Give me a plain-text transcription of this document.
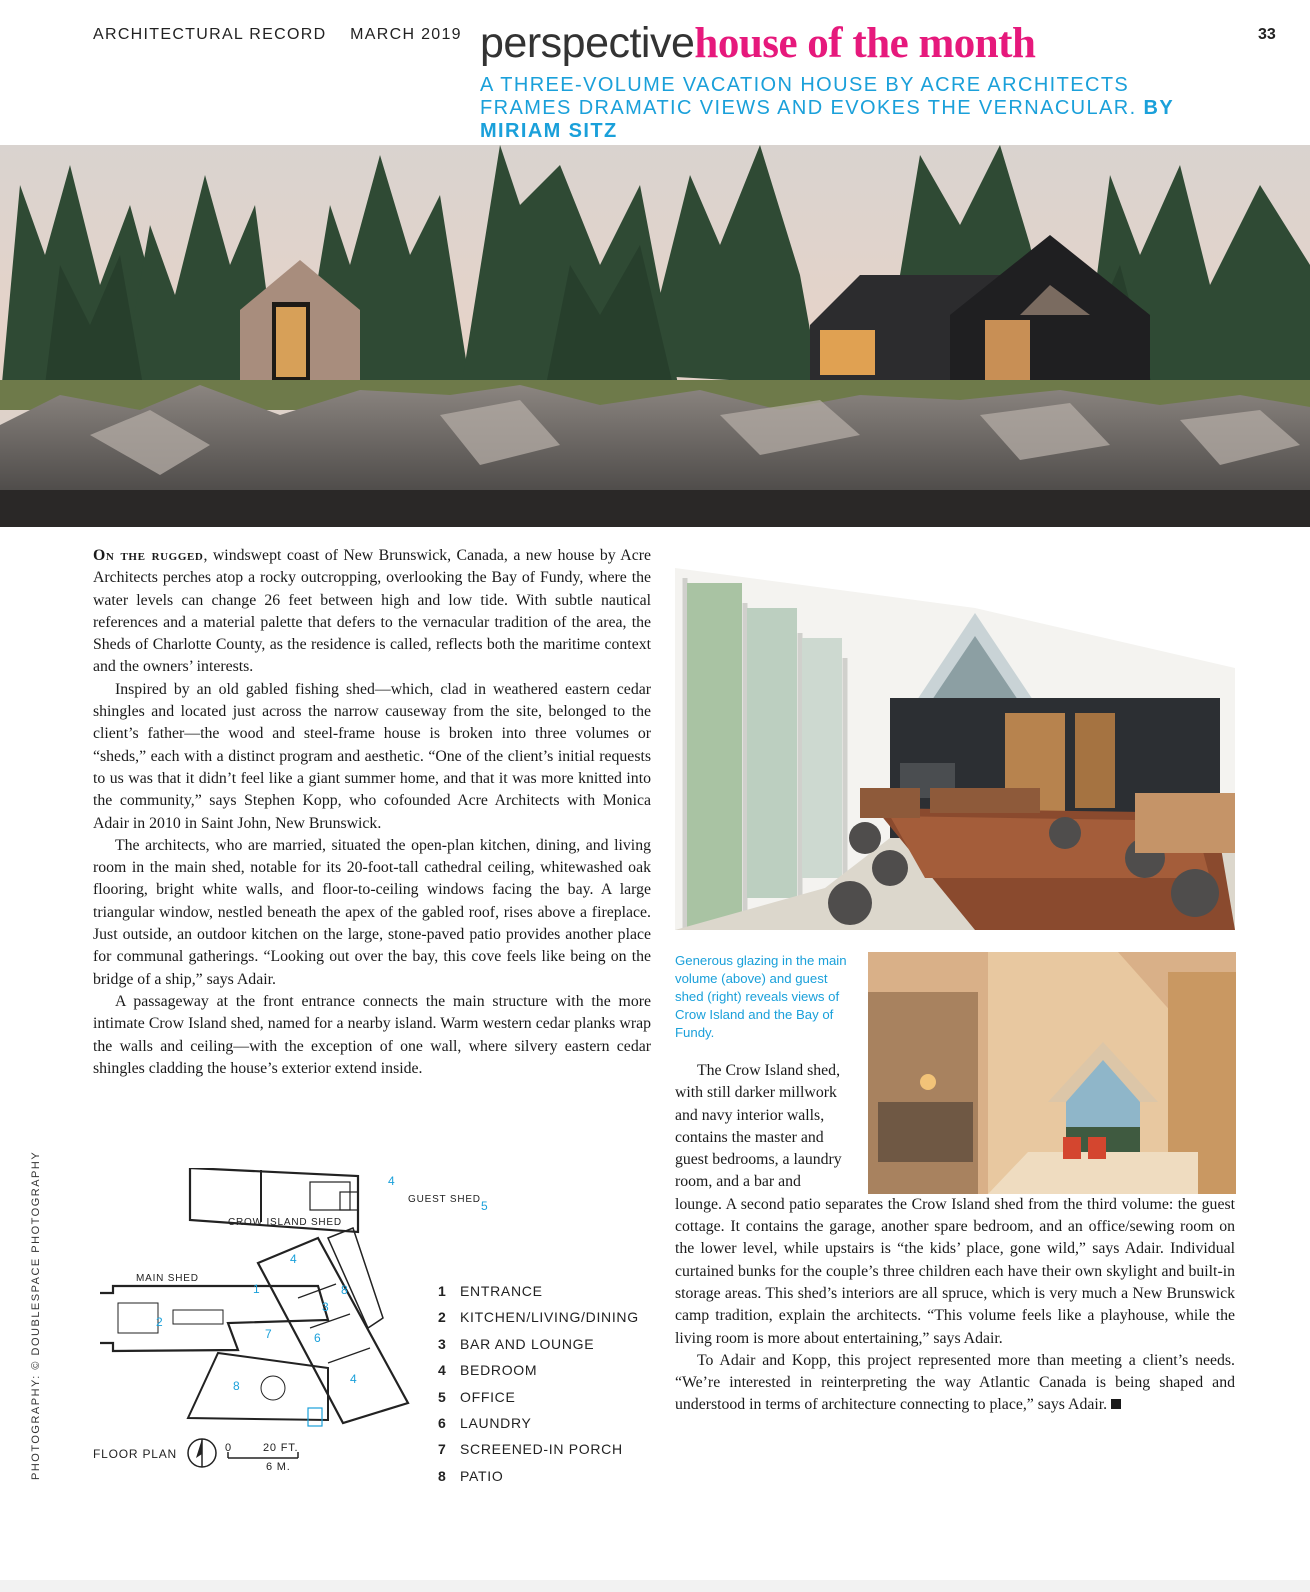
ARCHITECTURAL RECORD MARCH 2019	33
perspectivehouse of the month
A THREE-VOLUME VACATION HOUSE BY ACRE ARCHITECTS FRAMES DRAMATIC VIEWS AND EVOKES THE VERNACULAR. BY MIRIAM SITZ

On the rugged, windswept coast of New Brunswick, Canada, a new house by Acre Architects perches atop a rocky outcropping, overlooking the Bay of Fundy, where the water levels can change 26 feet between high and low tide. With subtle nautical references and a material palette that defers to the vernacular tradition of the area, the Sheds of Charlotte County, as the residence is called, reflects both the maritime context and the owners’ interests.

Inspired by an old gabled fishing shed—which, clad in weathered eastern cedar shingles and located just across the narrow causeway from the site, belonged to the client’s father—the wood and steel-frame house is broken into three volumes or “sheds,” each with a distinct program and aesthetic. “One of the client’s initial requests to us was that it didn’t feel like a giant summer home, and that it was more knitted into the community,” says Stephen Kopp, who cofounded Acre Architects with Monica Adair in 2010 in Saint John, New Brunswick.

The architects, who are married, situated the open-plan kitchen, dining, and living room in the main shed, notable for its 20-foot-tall cathedral ceiling, whitewashed oak flooring, bright white walls, and floor-to-ceiling windows facing the bay. A large triangular window, nestled beneath the apex of the gabled roof, rises above a fireplace. Just outside, an outdoor kitchen on the large, stone-paved patio provides another place for communal gatherings. “Looking out over the bay, this cove feels like being on the bridge of a ship,” says Adair.

A passageway at the front entrance connects the main structure with the more intimate Crow Island shed, named for a nearby island. Warm western cedar planks wrap the walls and ceiling—with the exception of one wall, where silvery eastern cedar shingles cladding the house’s exterior extend inside.

Generous glazing in the main volume (above) and guest shed (right) reveals views of Crow Island and the Bay of Fundy.

The Crow Island shed, with still darker millwork and navy interior walls, contains the master and guest bedrooms, a laundry room, and a bar and

lounge. A second patio separates the Crow Island shed from the third volume: the guest cottage. It contains the garage, another spare bedroom, and an office/sewing room on the lower level, while upstairs is “the kids’ place, gone wild,” says Adair. Individual curtained bunks for the couple’s three children each have their own skylight and built-in storage areas. This shed’s interiors are all spruce, which is very much a New Brunswick camp tradition, explain the architects. “This volume feels like a playhouse, while the living room is more about entertaining,” says Adair.

To Adair and Kopp, this project represented more than meeting a client’s needs. “We’re interested in reinterpreting the way Atlantic Canada is being shaped and understood in terms of architecture connecting to place,” says Adair.

PHOTOGRAPHY: © DOUBLESPACE PHOTOGRAPHY	MAIN SHED
CROW ISLAND SHED
GUEST SHED
FLOOR PLAN	0	20 FT.
6 M.
1
2
3
4
4
4
5
6
7
8
8
1 ENTRANCE
2 KITCHEN/LIVING/DINING
3 BAR AND LOUNGE
4 BEDROOM
5 OFFICE
6 LAUNDRY
7 SCREENED-IN PORCH
8 PATIO
